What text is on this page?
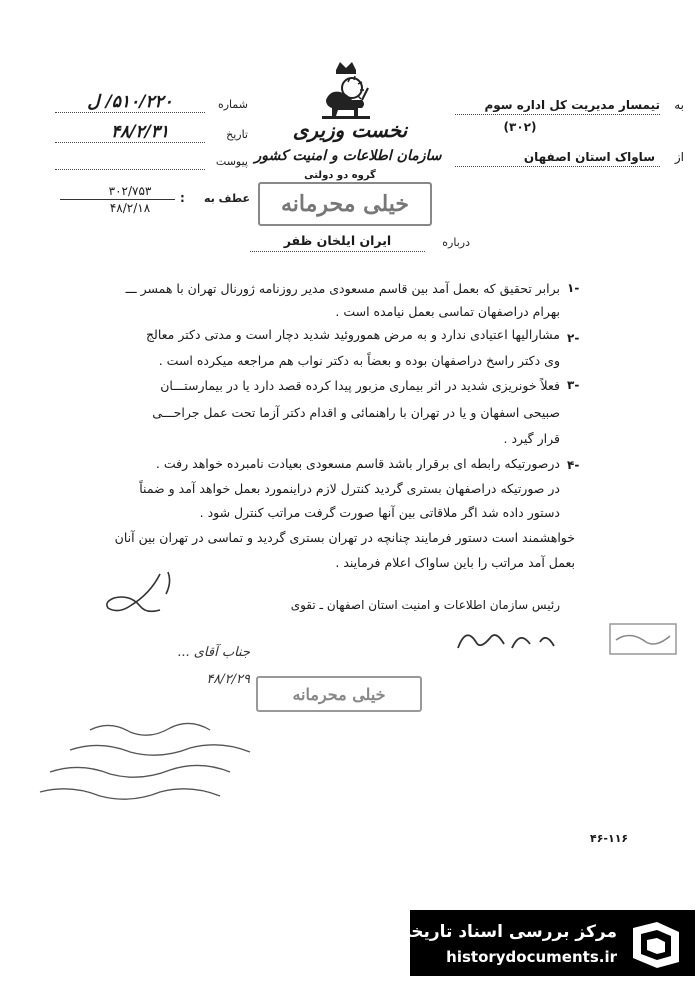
نخست وزیری
سازمان اطلاعات و امنیت کشور
گروه دو دولتی
خیلی محرمانه
به
تیمسار مدیریت کل اداره سوم
(۳۰۲)
از
ساواک استان اصفهان
شماره
۵۱۰/۲۲۰/ ل
تاریخ
۴۸/۲/۳۱
پیوست
عطف به
:
۳۰۲/۷۵۳
۴۸/۲/۱۸
درباره
ایران ایلخان ظفر
۱-
برابر تحقیق که بعمل آمد بین قاسم مسعودی مدیر روزنامه ژورنال تهران با همسر ـــ
بهرام دراصفهان تماسی بعمل نیامده است .
۲-
مشارالیها اعتیادی ندارد و به مرض هموروئید شدید دچار است و مدتی دکتر معالج
وی دکتر راسخ دراصفهان بوده و بعضاً به دکتر نواب هم مراجعه میکرده است .
۳-
فعلاً خونریزی شدید در اثر بیماری مزبور پیدا کرده قصد دارد یا در بیمارستـــان
صبیحی اسفهان و یا در تهران با راهنمائی و اقدام دکتر آزما تحت عمل جراحـــی
قرار گیرد .
۴-
درصورتیکه رابطه ای برقرار باشد قاسم مسعودی بعیادت نامبرده خواهد رفت .
در صورتیکه دراصفهان بستری گردید کنترل لازم دراینمورد بعمل خواهد آمد و ضمناً
دستور داده شد اگر ملاقاتی بین آنها صورت گرفت مراتب کنترل شود .
خواهشمند است دستور فرمایند چنانچه در تهران بستری گردید و تماسی در تهران بین آنان
بعمل آمد مراتب را باین ساواک اعلام فرمایند .
رئیس سازمان اطلاعات و امنیت استان اصفهان ـ تقوی
خیلی محرمانه
جناب آقای ...
۴۸/۲/۲۹
۴۶-۱۱۶
مرکز بررسی اسناد تاریخی
historydocuments.ir
